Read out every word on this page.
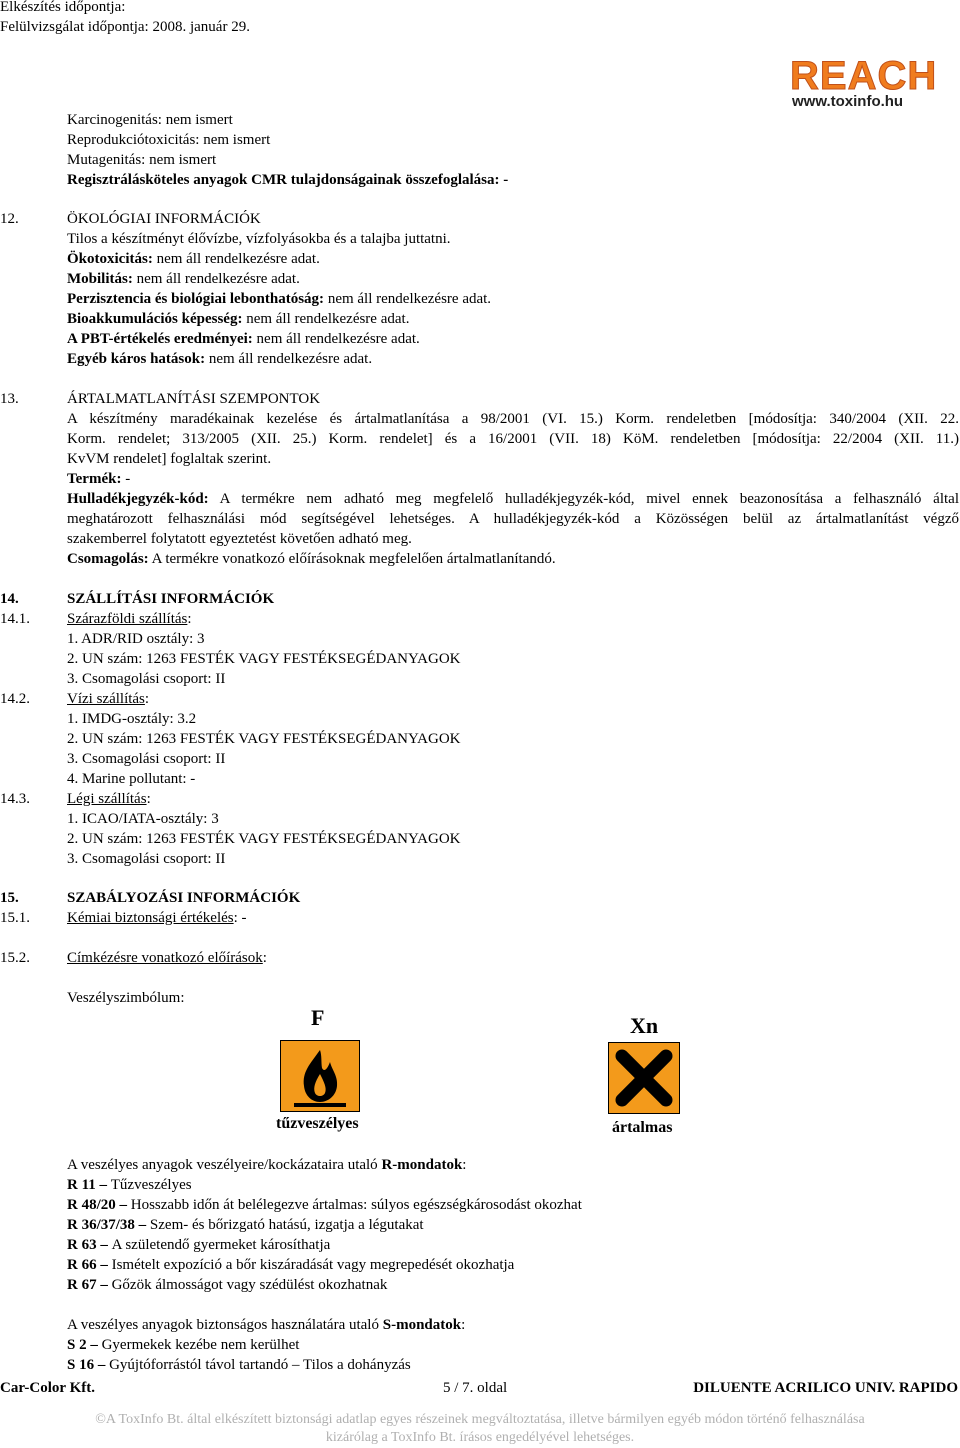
Elkészítés időpontja:
Felülvizsgálat időpontja: 2008. január 29.
REACH
www.toxinfo.hu
Karcinogenitás: nem ismert
Reprodukciótoxicitás: nem ismert
Mutagenitás: nem ismert
Regisztrálásköteles anyagok CMR tulajdonságainak összefoglalása: -
12.	ÖKOLÓGIAI INFORMÁCIÓK
Tilos a készítményt élővízbe, vízfolyásokba és a talajba juttatni.
Ökotoxicitás: nem áll rendelkezésre adat.
Mobilitás: nem áll rendelkezésre adat.
Perzisztencia és biológiai lebonthatóság: nem áll rendelkezésre adat.
Bioakkumulációs képesség: nem áll rendelkezésre adat.
A PBT-értékelés eredményei: nem áll rendelkezésre adat.
Egyéb káros hatások: nem áll rendelkezésre adat.
13.	ÁRTALMATLANÍTÁSI SZEMPONTOK
A készítmény maradékainak kezelése és ártalmatlanítása a 98/2001 (VI. 15.) Korm. rendeletben [módosítja: 340/2004 (XII. 22.
Korm. rendelet; 313/2005 (XII. 25.) Korm. rendelet] és a 16/2001 (VII. 18) KöM. rendeletben [módosítja: 22/2004 (XII. 11.)
KvVM rendelet] foglaltak szerint.
Termék: -
Hulladékjegyzék-kód: A termékre nem adható meg megfelelő hulladékjegyzék-kód, mivel ennek beazonosítása a felhasználó által
meghatározott felhasználási mód segítségével lehetséges. A hulladékjegyzék-kód a Közösségen belül az ártalmatlanítást végző
szakemberrel folytatott egyeztetést követően adható meg.
Csomagolás: A termékre vonatkozó előírásoknak megfelelően ártalmatlanítandó.
14.	SZÁLLÍTÁSI INFORMÁCIÓK
14.1. Szárazföldi szállítás:
1. ADR/RID osztály: 3
2. UN szám: 1263 FESTÉK VAGY FESTÉKSEGÉDANYAGOK
3. Csomagolási csoport: II
14.2. Vízi szállítás:
1. IMDG-osztály: 3.2
2. UN szám: 1263 FESTÉK VAGY FESTÉKSEGÉDANYAGOK
3. Csomagolási csoport: II
4. Marine pollutant: -
14.3. Légi szállítás:
1. ICAO/IATA-osztály: 3
2. UN szám: 1263 FESTÉK VAGY FESTÉKSEGÉDANYAGOK
3. Csomagolási csoport: II
15.	SZABÁLYOZÁSI INFORMÁCIÓK
15.1. Kémiai biztonsági értékelés: -
15.2. Címkézésre vonatkozó előírások:
Veszélyszimbólum:
F
tűzveszélyes
Xn
ártalmas
A veszélyes anyagok veszélyeire/kockázataira utaló R-mondatok:
R 11 – Tűzveszélyes
R 48/20 – Hosszabb időn át belélegezve ártalmas: súlyos egészségkárosodást okozhat
R 36/37/38 – Szem- és bőrizgató hatású, izgatja a légutakat
R 63 – A születendő gyermeket károsíthatja
R 66 – Ismételt expozíció a bőr kiszáradását vagy megrepedését okozhatja
R 67 – Gőzök álmosságot vagy szédülést okozhatnak
A veszélyes anyagok biztonságos használatára utaló S-mondatok:
S 2 – Gyermekek kezébe nem kerülhet
S 16 – Gyújtóforrástól távol tartandó – Tilos a dohányzás
Car-Color Kft.	5 / 7. oldal	DILUENTE ACRILICO UNIV. RAPIDO
©A ToxInfo Bt. által elkészített biztonsági adatlap egyes részeinek megváltoztatása, illetve bármilyen egyéb módon történő felhasználása
kizárólag a ToxInfo Bt. írásos engedélyével lehetséges.
